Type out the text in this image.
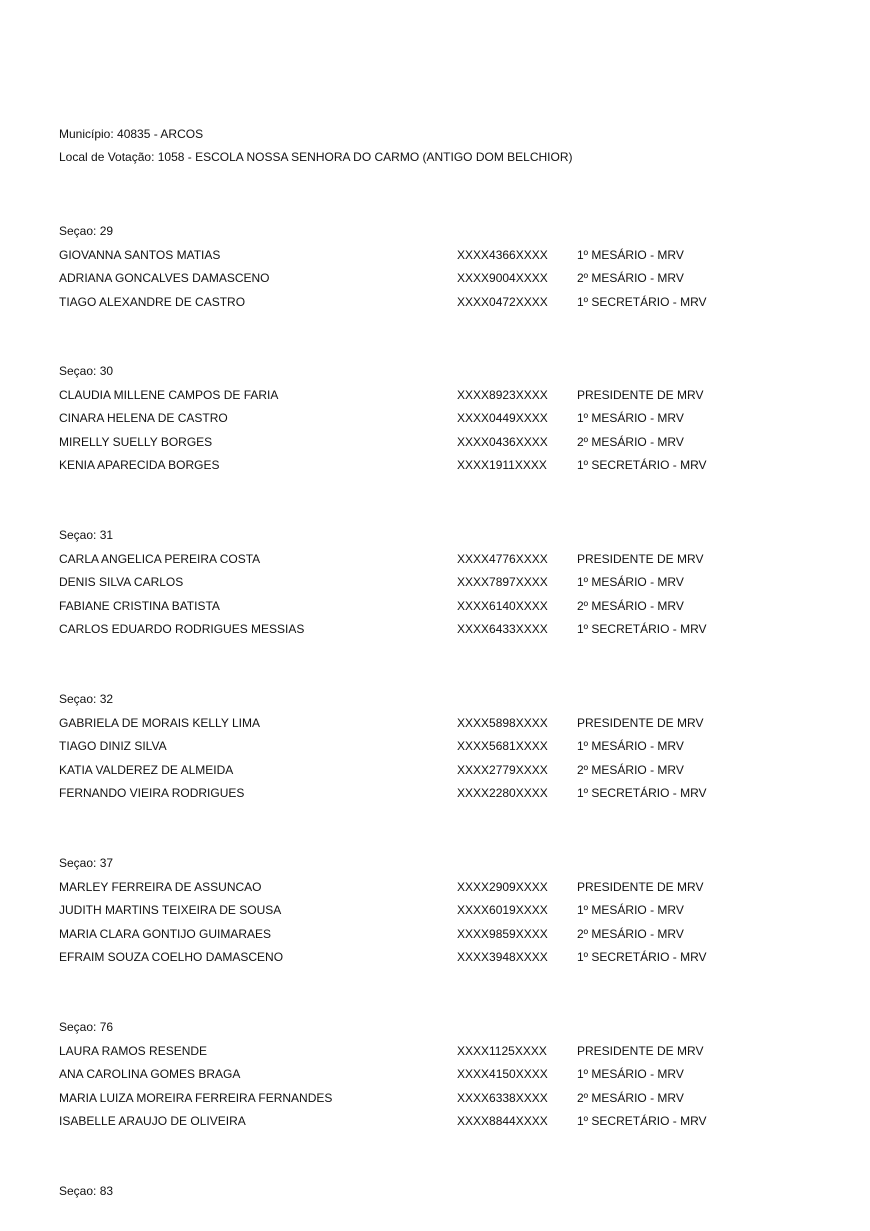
Município: 40835 - ARCOS
Local de Votação: 1058 - ESCOLA NOSSA SENHORA DO CARMO (ANTIGO DOM BELCHIOR)
Seçao: 29
GIOVANNA SANTOS MATIAS	XXXX4366XXXX 1º MESÁRIO - MRV
ADRIANA GONCALVES DAMASCENO	XXXX9004XXXX 2º MESÁRIO - MRV
TIAGO ALEXANDRE DE CASTRO	XXXX0472XXXX 1º SECRETÁRIO - MRV
Seçao: 30
CLAUDIA MILLENE CAMPOS DE FARIA	XXXX8923XXXX PRESIDENTE DE MRV
CINARA HELENA DE CASTRO	XXXX0449XXXX 1º MESÁRIO - MRV
MIRELLY SUELLY BORGES	XXXX0436XXXX 2º MESÁRIO - MRV
KENIA APARECIDA BORGES	XXXX1911XXXX	1º SECRETÁRIO - MRV
Seçao: 31
CARLA ANGELICA PEREIRA COSTA	XXXX4776XXXX PRESIDENTE DE MRV
DENIS SILVA CARLOS	XXXX7897XXXX 1º MESÁRIO - MRV
FABIANE CRISTINA BATISTA	XXXX6140XXXX 2º MESÁRIO - MRV
CARLOS EDUARDO RODRIGUES MESSIAS	XXXX6433XXXX 1º SECRETÁRIO - MRV
Seçao: 32
GABRIELA DE MORAIS KELLY LIMA	XXXX5898XXXX PRESIDENTE DE MRV
TIAGO DINIZ SILVA	XXXX5681XXXX 1º MESÁRIO - MRV
KATIA VALDEREZ DE ALMEIDA	XXXX2779XXXX 2º MESÁRIO - MRV
FERNANDO VIEIRA RODRIGUES	XXXX2280XXXX 1º SECRETÁRIO - MRV
Seçao: 37
MARLEY FERREIRA DE ASSUNCAO	XXXX2909XXXX PRESIDENTE DE MRV
JUDITH MARTINS TEIXEIRA DE SOUSA	XXXX6019XXXX 1º MESÁRIO - MRV
MARIA CLARA GONTIJO GUIMARAES	XXXX9859XXXX 2º MESÁRIO - MRV
EFRAIM SOUZA COELHO DAMASCENO	XXXX3948XXXX 1º SECRETÁRIO - MRV
Seçao: 76
LAURA RAMOS RESENDE	XXXX1125XXXX	PRESIDENTE DE MRV
ANA CAROLINA GOMES BRAGA	XXXX4150XXXX 1º MESÁRIO - MRV
MARIA LUIZA MOREIRA FERREIRA FERNANDES	XXXX6338XXXX 2º MESÁRIO - MRV
ISABELLE ARAUJO DE OLIVEIRA	XXXX8844XXXX 1º SECRETÁRIO - MRV
Seçao: 83
